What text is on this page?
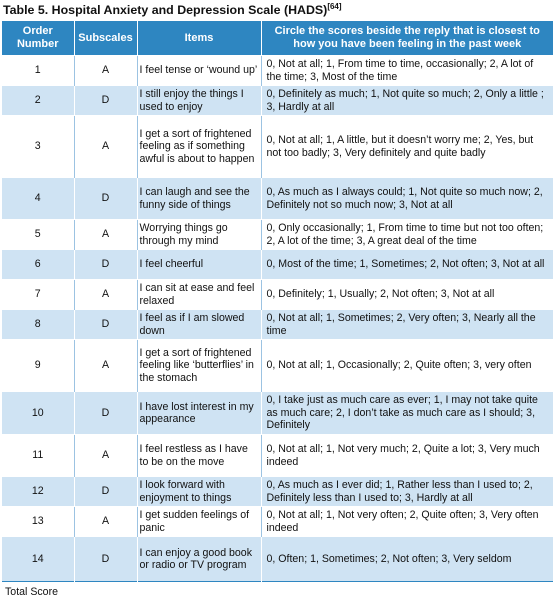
Table 5. Hospital Anxiety and Depression Scale (HADS)[64]
Order Number	Subscales	Items	Circle the scores beside the reply that is closest to how you have been feeling in the past week
1	A	I feel tense or ‘wound up’	0, Not at all; 1, From time to time, occasionally; 2, A lot of the time; 3, Most of the time
2	D	I still enjoy the things I used to enjoy	0, Definitely as much; 1, Not quite so much; 2, Only a little ; 3, Hardly at all
3	A	I get a sort of frightened feeling as if something awful is about to happen	0, Not at all; 1, A little, but it doesn’t worry me; 2, Yes, but not too badly; 3, Very definitely and quite badly
4	D	I can laugh and see the funny side of things	0, As much as I always could; 1, Not quite so much now; 2, Definitely not so much now; 3, Not at all
5	A	Worrying things go through my mind	0, Only occasionally; 1, From time to time but not too often; 2, A lot of the time; 3, A great deal of the time
6	D	I feel cheerful	0, Most of the time; 1, Sometimes; 2, Not often; 3, Not at all
7	A	I can sit at ease and feel relaxed	0, Definitely; 1, Usually; 2, Not often; 3, Not at all
8	D	I feel as if I am slowed down	0, Not at all; 1, Sometimes; 2, Very often; 3, Nearly all the time
9	A	I get a sort of frightened feeling like ‘butterflies’ in the stomach	0, Not at all; 1, Occasionally; 2, Quite often; 3, very often
10	D	I have lost interest in my appearance	0, I take just as much care as ever; 1, I may not take quite as much care; 2, I don’t take as much care as I should; 3, Definitely
11	A	I feel restless as I have to be on the move	0, Not at all; 1, Not very much; 2, Quite a lot; 3, Very much indeed
12	D	I look forward with enjoyment to things	0, As much as I ever did; 1, Rather less than I used to; 2, Definitely less than I used to; 3, Hardly at all
13	A	I get sudden feelings of panic	0, Not at all; 1, Not very often; 2, Quite often; 3, Very often indeed
14	D	I can enjoy a good book or radio or TV program	0, Often; 1, Sometimes; 2, Not often; 3, Very seldom
Total Score			
